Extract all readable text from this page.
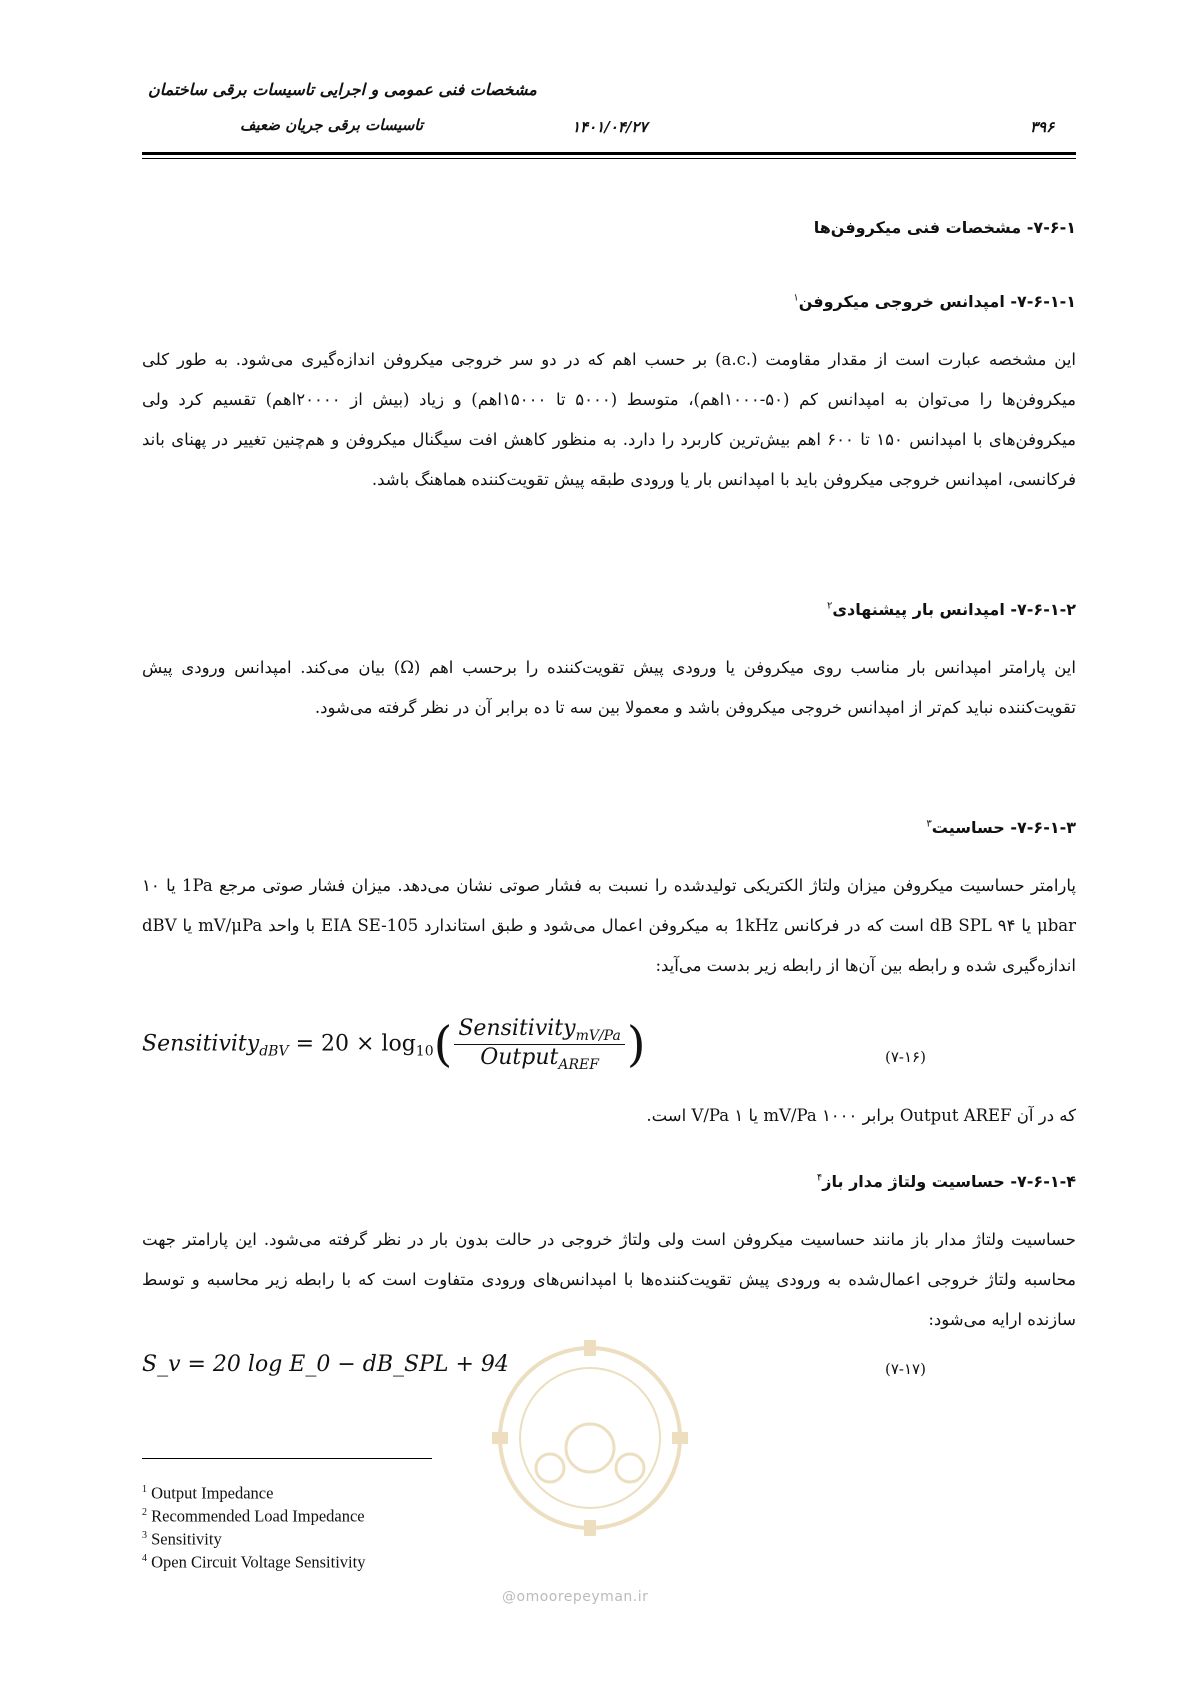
مشخصات فنی عمومی و اجرایی تاسیسات برقی ساختمان
تاسیسات برقی جریان ضعیف	۱۴۰۱/۰۴/۲۷	۳۹۶
۷-۶-۱- مشخصات فنی میکروفن‌ها
۷-۶-۱-۱- امپدانس خروجی میکروفن$^۱$
این مشخصه عبارت است از مقدار مقاومت (.a.c) بر حسب اهم که در دو سر خروجی میکروفن اندازه‌گیری می‌شود. به طور کلی میکروفن‌ها را می‌توان به امپدانس کم (۵۰-۱۰۰۰اهم)، متوسط (۵۰۰۰ تا ۱۵۰۰۰اهم) و زیاد (بیش از ۲۰۰۰۰اهم) تقسیم کرد ولی میکروفن‌های با امپدانس ۱۵۰ تا ۶۰۰ اهم بیش‌ترین کاربرد را دارد. به منظور کاهش افت سیگنال میکروفن و هم‌چنین تغییر در پهنای باند فرکانسی، امپدانس خروجی میکروفن باید با امپدانس بار یا ورودی طبقه پیش تقویت‌کننده هماهنگ باشد.
۷-۶-۱-۲- امپدانس بار پیشنهادی$^۲$
این پارامتر امپدانس بار مناسب روی میکروفن یا ورودی پیش تقویت‌کننده را برحسب اهم (Ω) بیان می‌کند. امپدانس ورودی پیش تقویت‌کننده نباید کم‌تر از امپدانس خروجی میکروفن باشد و معمولا بین سه تا ده برابر آن در نظر گرفته می‌شود.
۷-۶-۱-۳- حساسیت$^۳$
پارامتر حساسیت میکروفن میزان ولتاژ الکتریکی تولیدشده را نسبت به فشار صوتی نشان می‌دهد. میزان فشار صوتی مرجع 1Pa یا ۱۰ μbar یا ۹۴ dB SPL است که در فرکانس 1kHz به میکروفن اعمال می‌شود و طبق استاندارد EIA SE-105 با واحد mV/μPa یا dBV اندازه‌گیری شده و رابطه بین آن‌ها از رابطه زیر بدست می‌آید:
Sensitivity$_{dBV}$ = $20 \times \log_{10}( \frac{Sensitivity_{mV/Pa}}{Output_{AREF}}$ )	(۷-۱۶)
که در آن Output AREF برابر ۱۰۰۰ mV/Pa یا ۱ V/Pa است.
۷-۶-۱-۴- حساسیت ولتاژ مدار باز$^۴$
حساسیت ولتاژ مدار باز مانند حساسیت میکروفن است ولی ولتاژ خروجی در حالت بدون بار در نظر گرفته می‌شود. این پارامتر جهت محاسبه ولتاژ خروجی اعمال‌شده به ورودی پیش تقویت‌کننده‌ها با امپدانس‌های ورودی متفاوت است که با رابطه زیر محاسبه و توسط سازنده ارایه می‌شود:
S_v = 20 log E_0 − dB_SPL + 94	(۷-۱۷)
@omoorepeyman.ir
$^1$ Output Impedance
$^2$ Recommended Load Impedance
$^3$ Sensitivity
$^4$ Open Circuit Voltage Sensitivity
